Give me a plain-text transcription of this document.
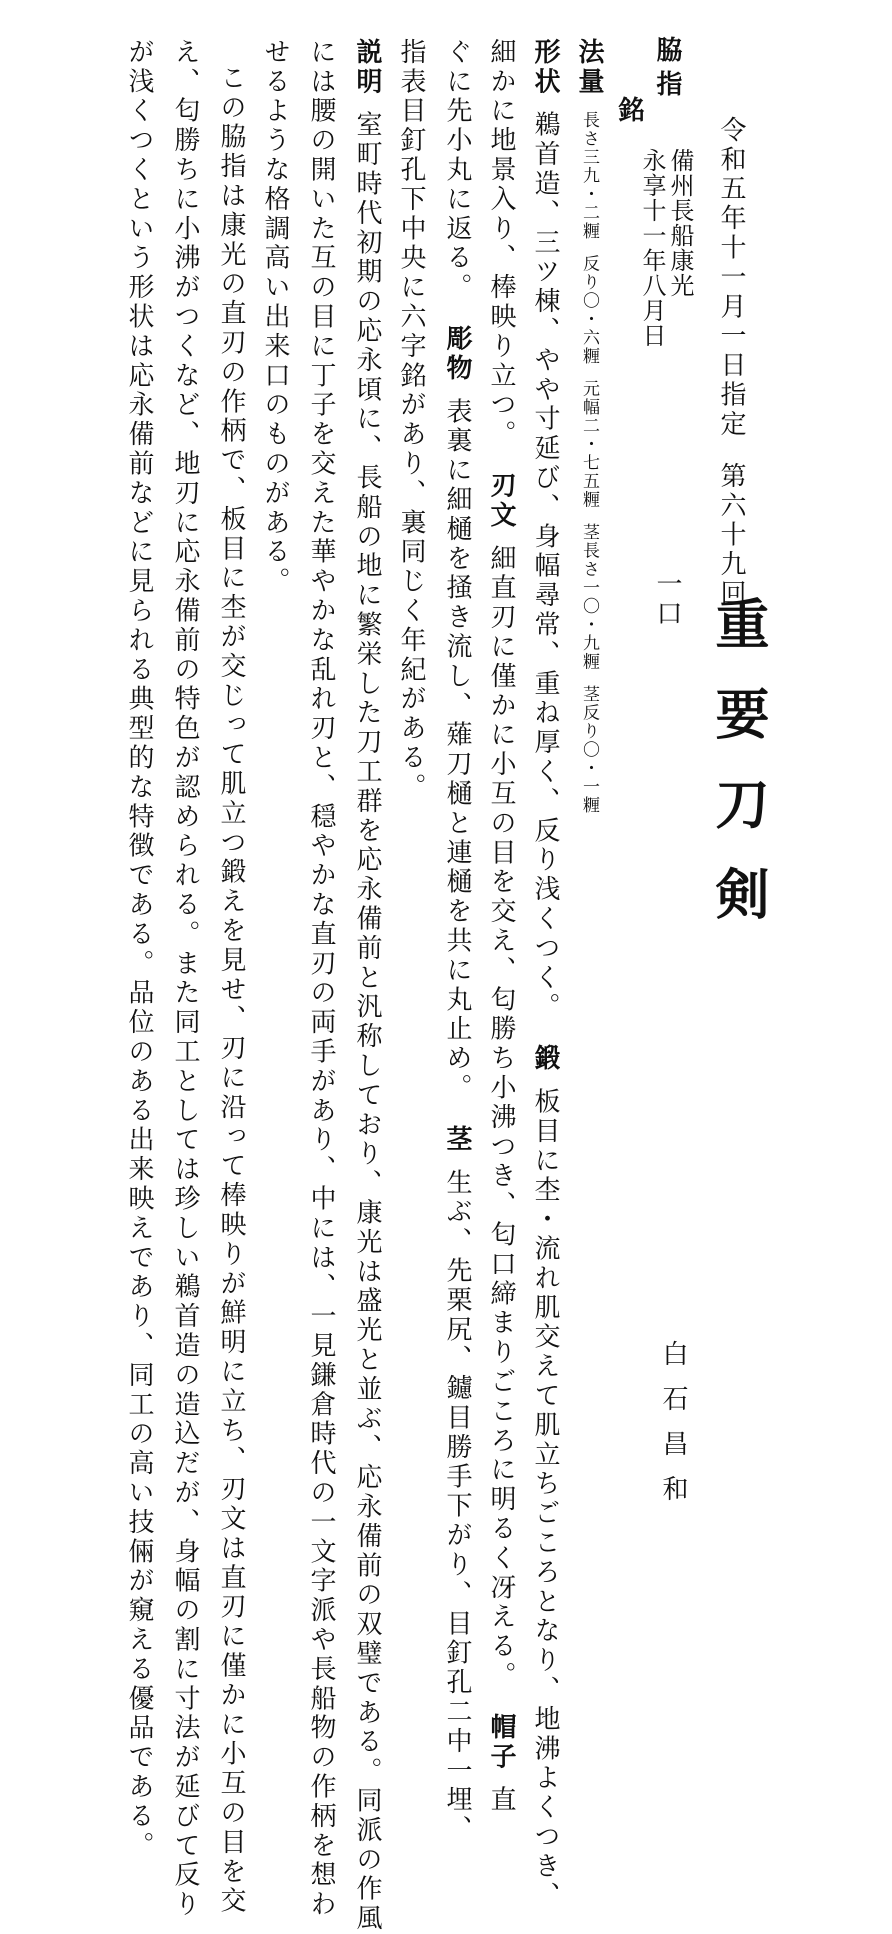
令和五年十一月一日指定
第六十九回
重要刀剣
白石昌和
脇指
銘
備州長船康光
永享十一年八月日
一口
法量長さ三九・二糎反り〇・六糎元幅二・七五糎茎長さ一〇・九糎茎反り〇・一糎
形状鵜首造、三ツ棟、やや寸延び、身幅尋常、重ね厚く、反り浅くつく。鍛板目に杢・流れ肌交えて肌立ちごころとなり、地沸よくつき、
細かに地景入り、棒映り立つ。刃文細直刃に僅かに小互の目を交え、匂勝ち小沸つき、匂口締まりごころに明るく冴える。帽子直
ぐに先小丸に返る。彫物表裏に細樋を掻き流し、薙刀樋と連樋を共に丸止め。茎生ぶ、先栗尻、鑢目勝手下がり、目釘孔二中一埋、
指表目釘孔下中央に六字銘があり、裏同じく年紀がある。
説明室町時代初期の応永頃に、長船の地に繁栄した刀工群を応永備前と汎称しており、康光は盛光と並ぶ、応永備前の双璧である。同派の作風
には腰の開いた互の目に丁子を交えた華やかな乱れ刃と、穏やかな直刃の両手があり、中には、一見鎌倉時代の一文字派や長船物の作柄を想わ
せるような格調高い出来口のものがある。
この脇指は康光の直刃の作柄で、板目に杢が交じって肌立つ鍛えを見せ、刃に沿って棒映りが鮮明に立ち、刃文は直刃に僅かに小互の目を交
え、匂勝ちに小沸がつくなど、地刃に応永備前の特色が認められる。また同工としては珍しい鵜首造の造込だが、身幅の割に寸法が延びて反り
が浅くつくという形状は応永備前などに見られる典型的な特徴である。品位のある出来映えであり、同工の高い技倆が窺える優品である。
